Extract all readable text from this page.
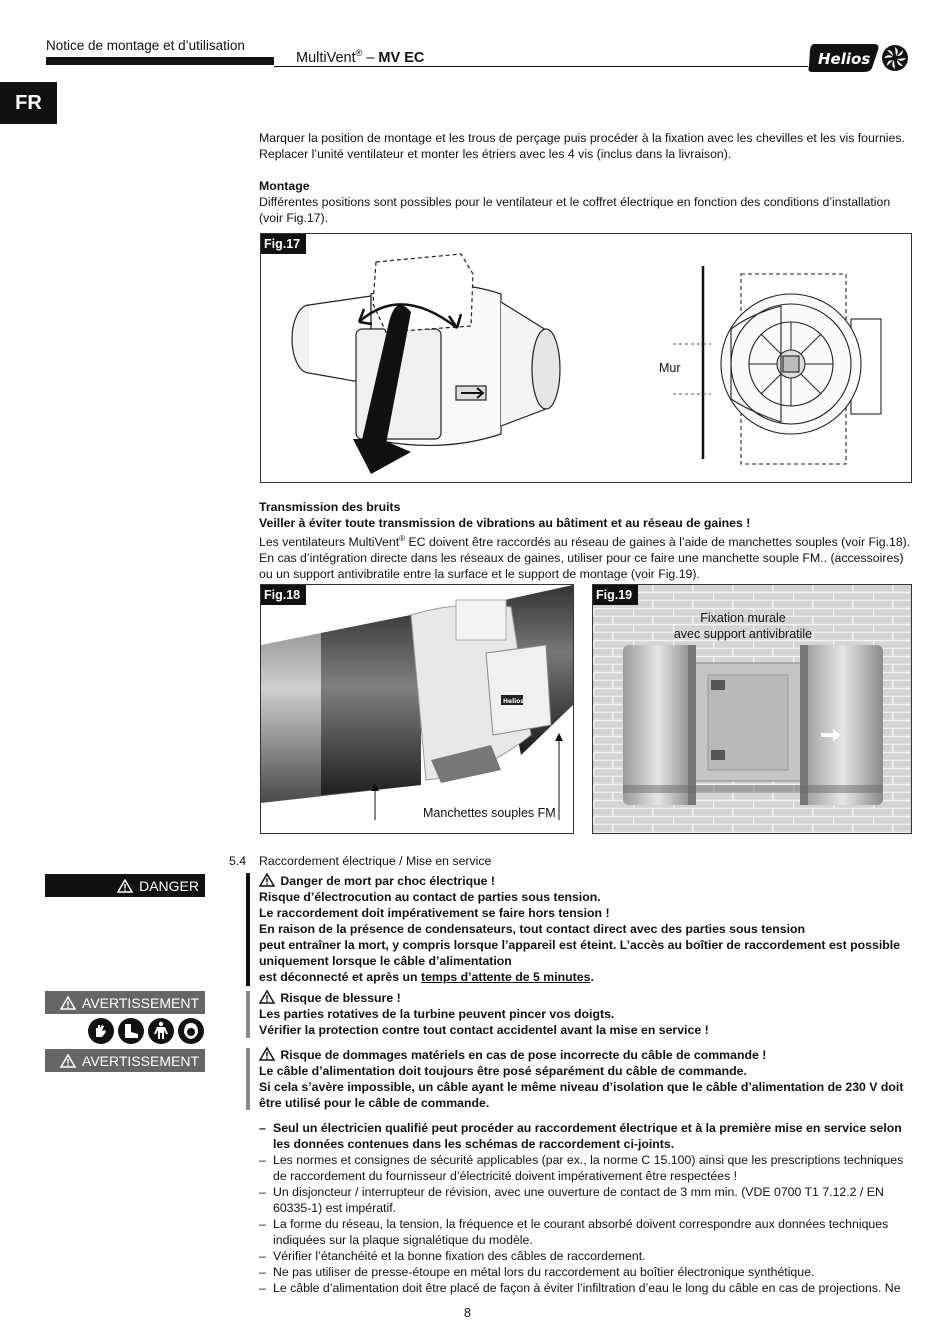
Notice de montage et d’utilisation
MultiVent® – MV EC	Helios
FR
Marquer la position de montage et les trous de perçage puis procéder à la fixation avec les chevilles et les vis fournies. Replacer l’unité ventilateur et monter les étriers avec les 4 vis (inclus dans la livraison).
Montage
Différentes positions sont possibles pour le ventilateur et le coffret électrique en fonction des conditions d’installation (voir Fig.17).
Fig.17
Mur
Transmission des bruits
Veiller à éviter toute transmission de vibrations au bâtiment et au réseau de gaines !
Les ventilateurs MultiVent® EC doivent être raccordés au réseau de gaines à l’aide de manchettes souples (voir Fig.18). En cas d’intégration directe dans les réseaux de gaines, utiliser pour ce faire une manchette souple FM.. (accessoires) ou un support antivibratile entre la surface et le support de montage (voir Fig.19).
Helios
Fig.18
Manchettes souples FM
Fig.19
Fixation murale
avec support antivibratile
5.4 Raccordement électrique / Mise en service
DANGER	Danger de mort par choc électrique !
Risque d’électrocution au contact de parties sous tension.
Le raccordement doit impérativement se faire hors tension !
En raison de la présence de condensateurs, tout contact direct avec des parties sous tension
peut entraîner la mort, y compris lorsque l’appareil est éteint. L’accès au boîtier de raccordement est possible
uniquement lorsque le câble d’alimentation
est déconnecté et après un temps d’attente de 5 minutes.
AVERTISSEMENT	Risque de blessure !
Les parties rotatives de la turbine peuvent pincer vos doigts.
Vérifier la protection contre tout contact accidentel avant la mise en service !
AVERTISSEMENT	Risque de dommages matériels en cas de pose incorrecte du câble de commande !
Le câble d’alimentation doit toujours être posé séparément du câble de commande.
Si cela s’avère impossible, un câble ayant le même niveau d’isolation que le câble d’alimentation de 230 V doit
être utilisé pour le câble de commande.
– Seul un électricien qualifié peut procéder au raccordement électrique et à la première mise en service selon les données contenues dans les schémas de raccordement ci-joints.
– Les normes et consignes de sécurité applicables (par ex., la norme C 15.100) ainsi que les prescriptions techniques de raccordement du fournisseur d’électricité doivent impérativement être respectées !
– Un disjoncteur / interrupteur de révision, avec une ouverture de contact de 3 mm min. (VDE 0700 T1 7.12.2 / EN 60335-1) est impératif.
– La forme du réseau, la tension, la fréquence et le courant absorbé doivent correspondre aux données techniques indiquées sur la plaque signalétique du modèle.
– Vérifier l’étanchéité et la bonne fixation des câbles de raccordement.
– Ne pas utiliser de presse-étoupe en métal lors du raccordement au boîtier électronique synthétique.
– Le câble d’alimentation doit être placé de façon à éviter l’infiltration d’eau le long du câble en cas de projections. Ne
8
